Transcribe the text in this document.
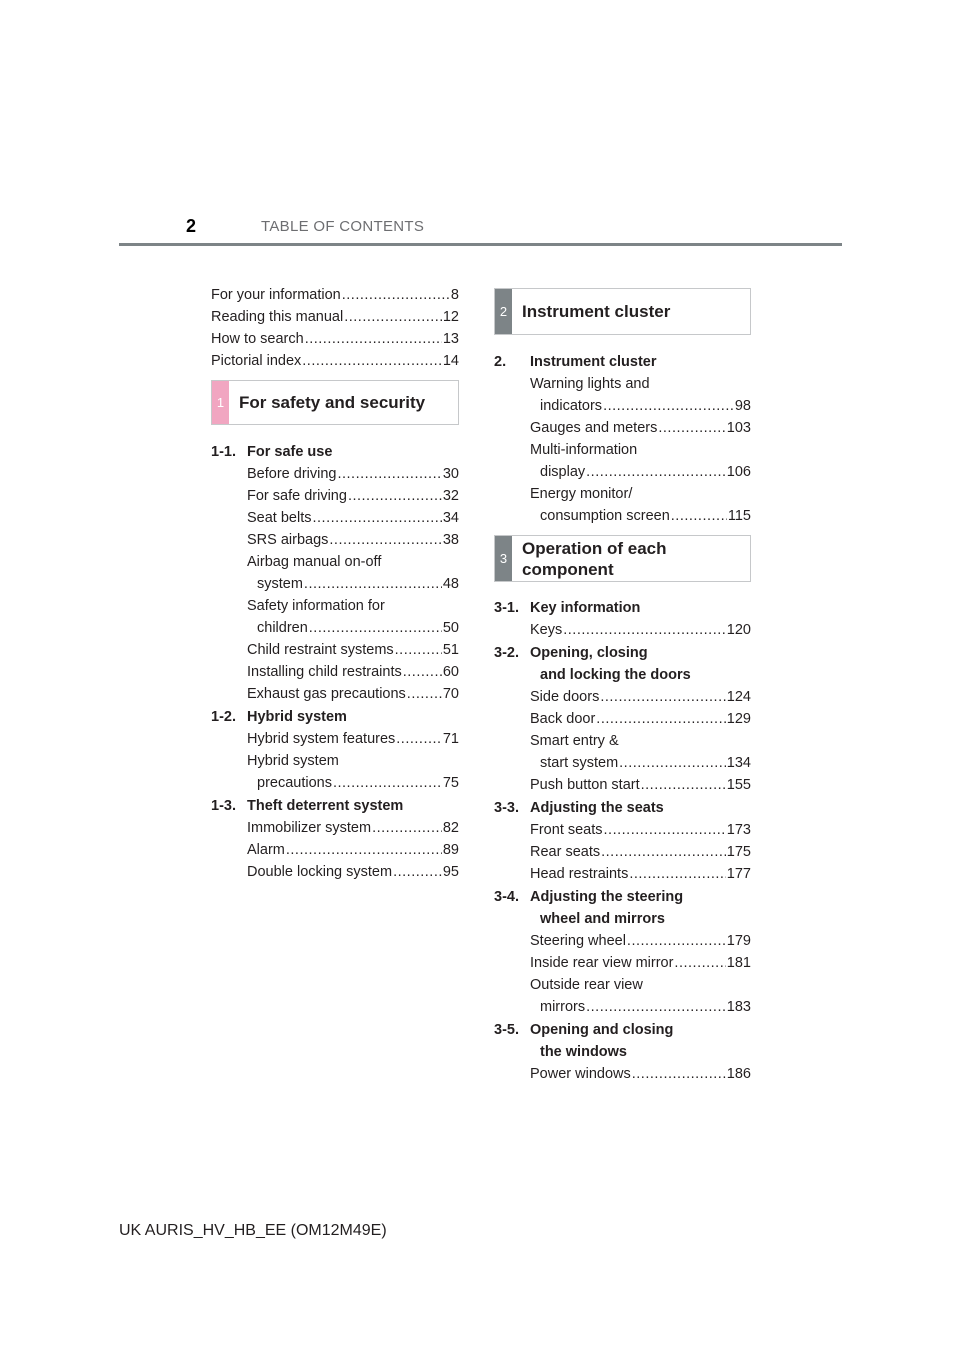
2	TABLE OF CONTENTS
For your information .....	8
Reading this manual .....	12
How to search .....	13
Pictorial index .....	14
1 For safety and security
1-1. For safe use
Before driving .....	30
For safe driving .....	32
Seat belts .....	34
SRS airbags .....	38
Airbag manual on-off
system .....	48
Safety information for
children .....	50
Child restraint systems .....	51
Installing child restraints .....	60
Exhaust gas precautions .....	70
1-2. Hybrid system
Hybrid system features .....	71
Hybrid system
precautions .....	75
1-3. Theft deterrent system
Immobilizer system .....	82
Alarm .....	89
Double locking system .....	95
2 Instrument cluster
2.	Instrument cluster
Warning lights and
indicators .....	98
Gauges and meters .....	103
Multi-information
display .....	106
Energy monitor/
consumption screen .....	115
3
Operation of each
component
3-1. Key information
Keys .....	120
3-2. Opening, closing
and locking the doors
Side doors .....	124
Back door .....	129
Smart entry &
start system .....	134
Push button start .....	155
3-3. Adjusting the seats
Front seats .....	173
Rear seats .....	175
Head restraints .....	177
3-4. Adjusting the steering
wheel and mirrors
Steering wheel .....	179
Inside rear view mirror .....	181
Outside rear view
mirrors .....	183
3-5. Opening and closing
the windows
Power windows .....	186
UK AURIS_HV_HB_EE (OM12M49E)
